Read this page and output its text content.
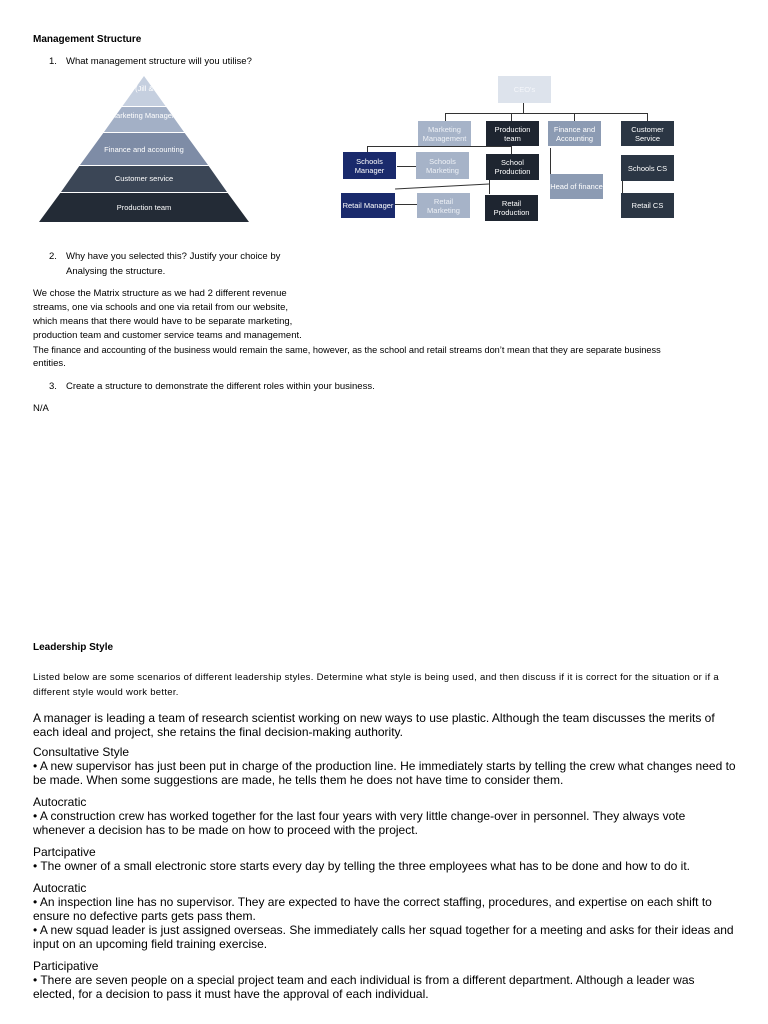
Management Structure
1. What management structure will you utilise?
CEO'S (Jill & Ethan)
Marketing Managers
Finance and accounting
Customer service
Production team
CEO's
Marketing Management
Production team
Finance and Accounting
Customer Service
Schools Manager
Schools Marketing
School Production	Schools CS
Head of finance
Retail Manager	Retail Marketing
Retail Production
Retail CS
2. Why have you selected this? Justify your choice by
Analysing the structure.
We chose the Matrix structure as we had 2 different revenue
streams, one via schools and one via retail from our website,
which means that there would have to be separate marketing,
production team and customer service teams and management.
The finance and accounting of the business would remain the same, however, as the school and retail streams don’t mean that they are separate business
entities.
3. Create a structure to demonstrate the different roles within your business.
N/A
Leadership Style
Listed below are some scenarios of different leadership styles. Determine what style is being used, and then discuss if it is correct for the situation or if a different style would work better.
A manager is leading a team of research scientist working on new ways to use plastic. Although the team discusses the merits of each ideal and project, she retains the final decision-making authority.
Consultative Style
• A new supervisor has just been put in charge of the production line. He immediately starts by telling the crew what changes need to be made. When some suggestions are made, he tells them he does not have time to consider them.
Autocratic
• A construction crew has worked together for the last four years with very little change-over in personnel. They always vote whenever a decision has to be made on how to proceed with the project.
Partcipative
• The owner of a small electronic store starts every day by telling the three employees what has to be done and how to do it.
Autocratic
• An inspection line has no supervisor. They are expected to have the correct staffing, procedures, and expertise on each shift to ensure no defective parts gets pass them.
• A new squad leader is just assigned overseas. She immediately calls her squad together for a meeting and asks for their ideas and input on an upcoming field training exercise.
Participative
• There are seven people on a special project team and each individual is from a different department. Although a leader was elected, for a decision to pass it must have the approval of each individual.
